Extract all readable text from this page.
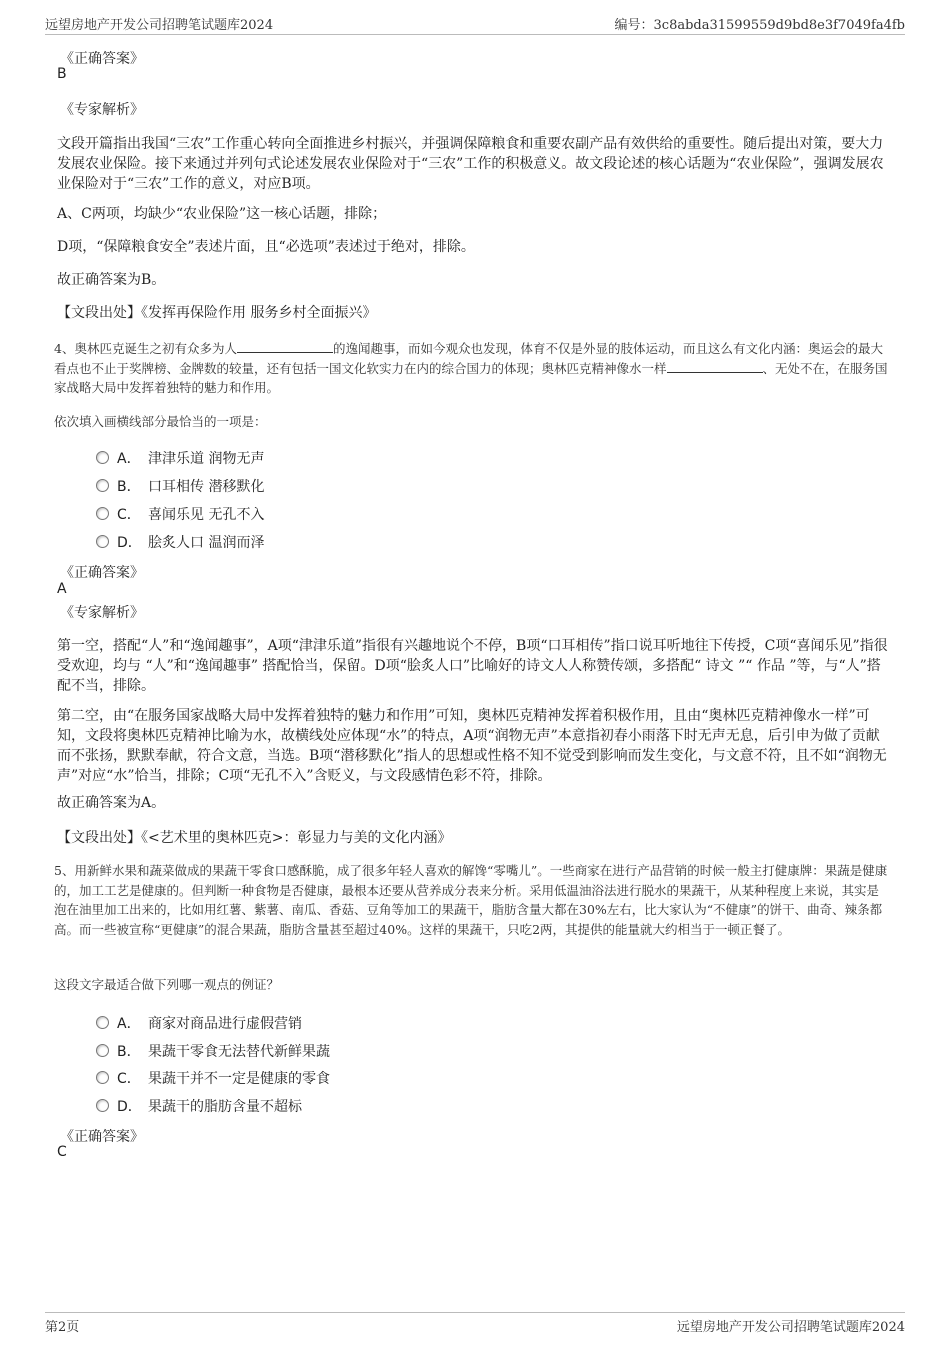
远望房地产开发公司招聘笔试题库2024	编号：3c8abda31599559d9bd8e3f7049fa4fb
《正确答案》
B
《专家解析》
文段开篇指出我国“三农”工作重心转向全面推进乡村振兴，并强调保障粮食和重要农副产品有效供给的重要性。随后提出对策，要大力发展农业保险。接下来通过并列句式论述发展农业保险对于“三农”工作的积极意义。故文段论述的核心话题为“农业保险”，强调发展农业保险对于“三农”工作的意义，对应B项。
A、C两项，均缺少“农业保险”这一核心话题，排除；
D项，“保障粮食安全”表述片面，且“必选项”表述过于绝对，排除。
故正确答案为B。
【文段出处】《发挥再保险作用 服务乡村全面振兴》
4、奥林匹克诞生之初有众多为人	的逸闻趣事，而如今观众也发现，体育不仅是外显的肢体运动，而且这么有文化内涵：奥运会的最大看点也不止于奖牌榜、金牌数的较量，还有包括一国文化软实力在内的综合国力的体现；奥林匹克精神像水一样	、无处不在，在服务国家战略大局中发挥着独特的魅力和作用。
依次填入画横线部分最恰当的一项是：
A． 津津乐道 润物无声
B． 口耳相传 潜移默化
C． 喜闻乐见 无孔不入
D． 脍炙人口 温润而泽
《正确答案》
A
《专家解析》
第一空，搭配“人”和“逸闻趣事”，A项“津津乐道”指很有兴趣地说个不停，B项“口耳相传”指口说耳听地往下传授，C项“喜闻乐见”指很受欢迎，均与 “人”和“逸闻趣事” 搭配恰当，保留。D项“脍炙人口”比喻好的诗文人人称赞传颂，多搭配“ 诗文 ”“ 作品 ”等，与“人”搭配不当，排除。
第二空，由“在服务国家战略大局中发挥着独特的魅力和作用”可知，奥林匹克精神发挥着积极作用，且由“奥林匹克精神像水一样”可知，文段将奥林匹克精神比喻为水，故横线处应体现“水”的特点，A项“润物无声”本意指初春小雨落下时无声无息，后引申为做了贡献而不张扬，默默奉献，符合文意，当选。B项“潜移默化”指人的思想或性格不知不觉受到影响而发生变化，与文意不符，且不如“润物无声”对应“水”恰当，排除；C项“无孔不入”含贬义，与文段感情色彩不符，排除。
故正确答案为A。
【文段出处】《<艺术里的奥林匹克>：彰显力与美的文化内涵》
5、用新鲜水果和蔬菜做成的果蔬干零食口感酥脆，成了很多年轻人喜欢的解馋“零嘴儿”。一些商家在进行产品营销的时候一般主打健康牌：果蔬是健康的，加工工艺是健康的。但判断一种食物是否健康，最根本还要从营养成分表来分析。采用低温油浴法进行脱水的果蔬干，从某种程度上来说，其实是泡在油里加工出来的，比如用红薯、紫薯、南瓜、香菇、豆角等加工的果蔬干，脂肪含量大都在30%左右，比大家认为“不健康”的饼干、曲奇、辣条都高。而一些被宣称“更健康”的混合果蔬，脂肪含量甚至超过40%。这样的果蔬干，只吃2两，其提供的能量就大约相当于一顿正餐了。
这段文字最适合做下列哪一观点的例证？
A． 商家对商品进行虚假营销
B． 果蔬干零食无法替代新鲜果蔬
C． 果蔬干并不一定是健康的零食
D． 果蔬干的脂肪含量不超标
《正确答案》
C
第2页	远望房地产开发公司招聘笔试题库2024
